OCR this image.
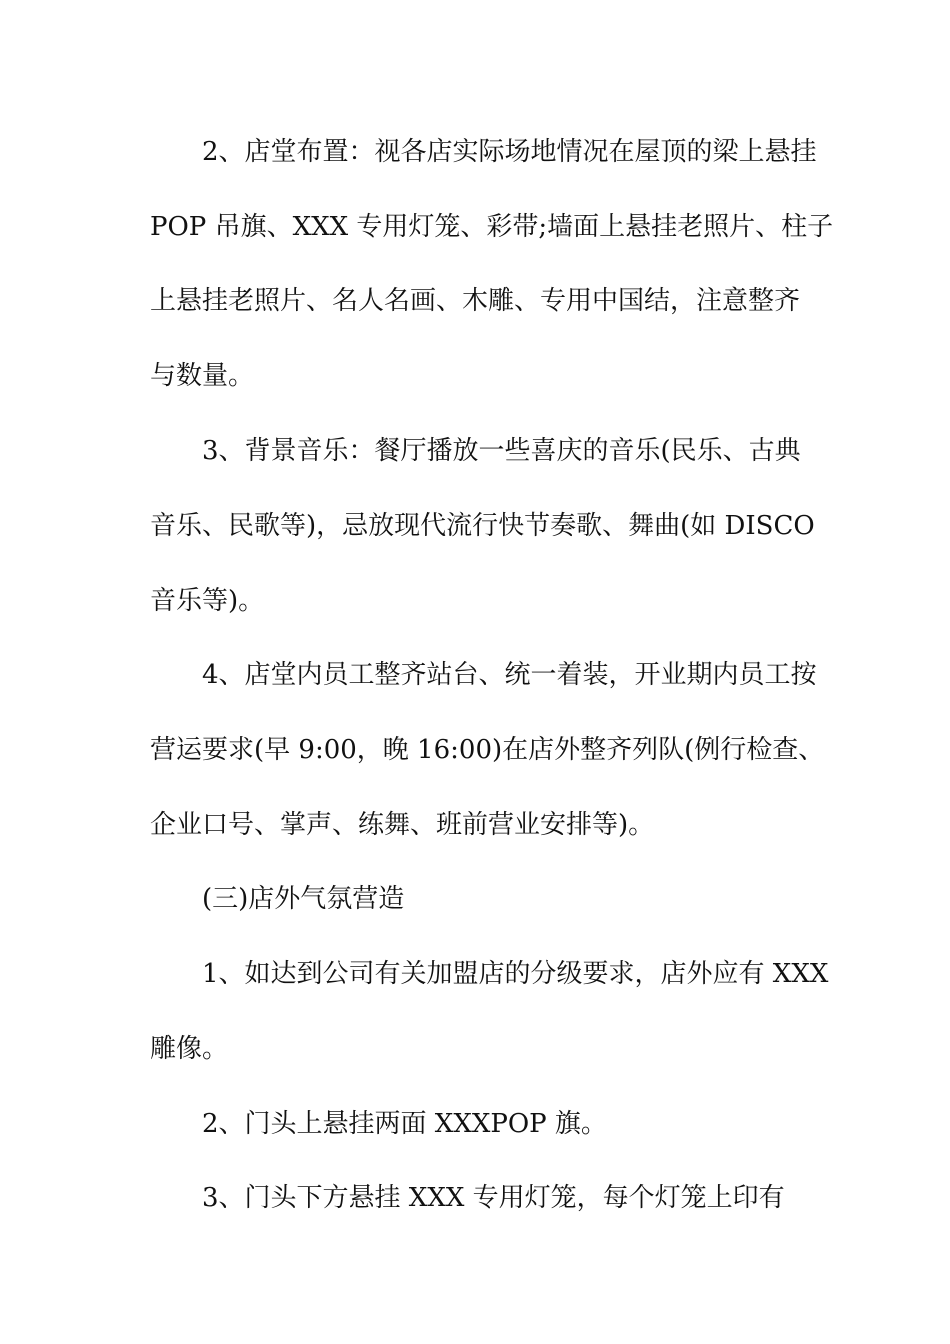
2、店堂布置：视各店实际场地情况在屋顶的梁上悬挂
POP 吊旗、XXX 专用灯笼、彩带;墙面上悬挂老照片、柱子
上悬挂老照片、名人名画、木雕、专用中国结，注意整齐
与数量。
3、背景音乐：餐厅播放一些喜庆的音乐(民乐、古典
音乐、民歌等)，忌放现代流行快节奏歌、舞曲(如 DISCO
音乐等)。
4、店堂内员工整齐站台、统一着装，开业期内员工按
营运要求(早 9:00，晚 16:00)在店外整齐列队(例行检查、
企业口号、掌声、练舞、班前营业安排等)。
(三)店外气氛营造
1、如达到公司有关加盟店的分级要求，店外应有 XXX
雕像。
2、门头上悬挂两面 XXXPOP 旗。
3、门头下方悬挂 XXX 专用灯笼，每个灯笼上印有
